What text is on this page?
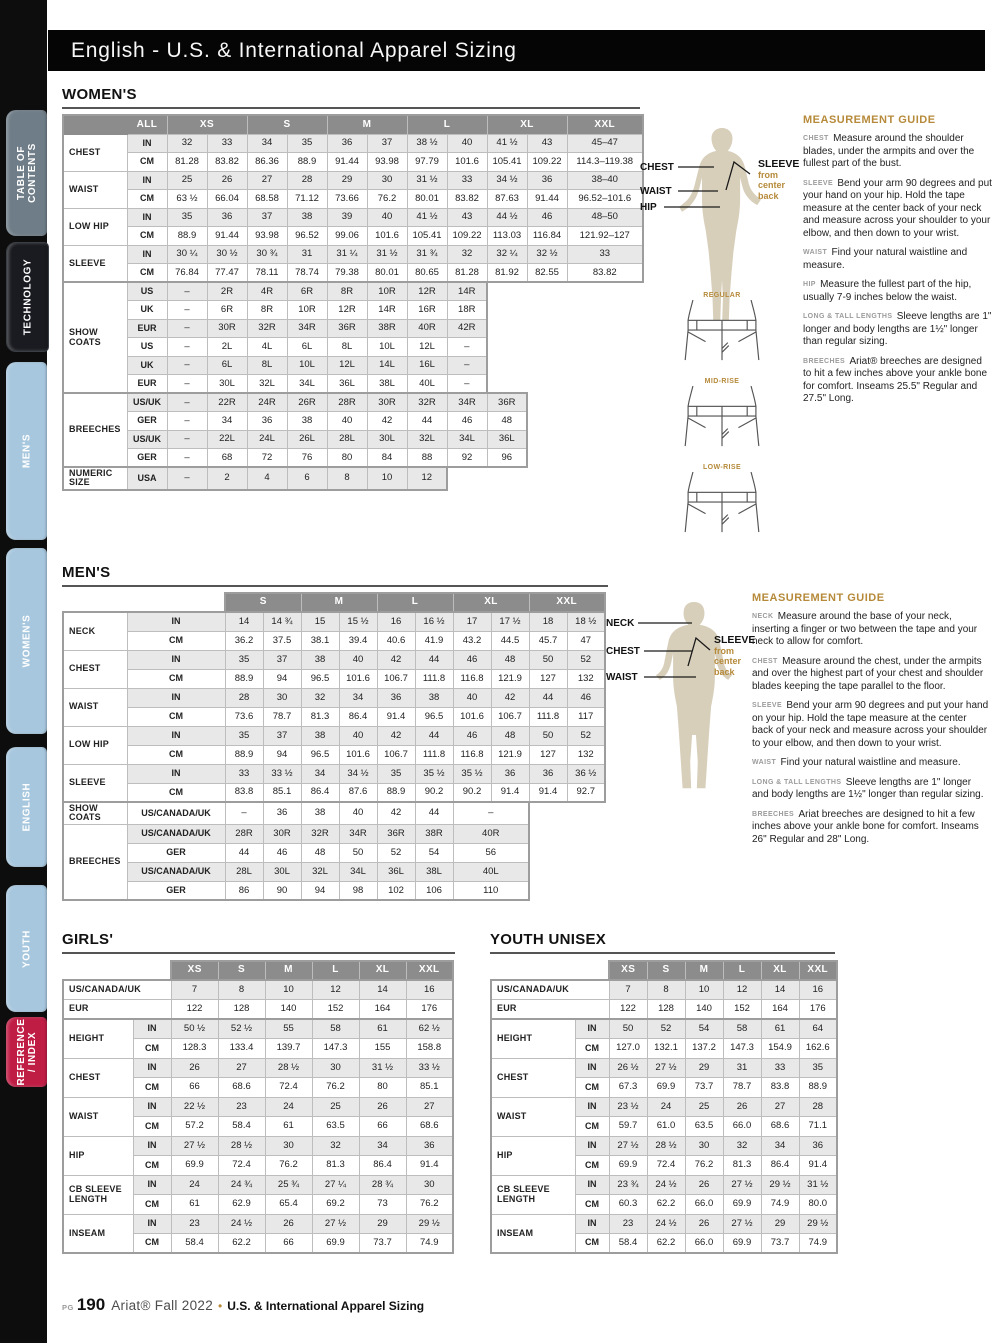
TABLE OF CONTENTS
TECHNOLOGY
MEN'S
WOMEN'S
ENGLISH
YOUTH
REFERENCE / INDEX
English - U.S. & International Apparel Sizing
WOMEN'S
	ALL	XS		S		M		L		XL		XXL
CHEST	IN	32	33	34	35	36	37	38 ½	40	41 ½	43	45–47
	CM	81.28	83.82	86.36	88.9	91.44	93.98	97.79	101.6	105.41	109.22	114.3–119.38
WAIST	IN	25	26	27	28	29	30	31 ½	33	34 ½	36	38–40
	CM	63 ½	66.04	68.58	71.12	73.66	76.2	80.01	83.82	87.63	91.44	96.52–101.6
LOW HIP	IN	35	36	37	38	39	40	41 ½	43	44 ½	46	48–50
	CM	88.9	91.44	93.98	96.52	99.06	101.6	105.41	109.22	113.03	116.84	121.92–127
SLEEVE	IN	30 ¼	30 ½	30 ¾	31	31 ¼	31 ½	31 ¾	32	32 ¼	32 ½	33
	CM	76.84	77.47	78.11	78.74	79.38	80.01	80.65	81.28	81.92	82.55	83.82
SHOW COATS	US	–	2R	4R	6R	8R	10R	12R	14R
	UK	–	6R	8R	10R	12R	14R	16R	18R
	EUR	–	30R	32R	34R	36R	38R	40R	42R
	US	–	2L	4L	6L	8L	10L	12L	–
	UK	–	6L	8L	10L	12L	14L	16L	–
	EUR	–	30L	32L	34L	36L	38L	40L	–
BREECHES	US/UK	–	22R	24R	26R	28R	30R	32R	34R	36R
	GER	–	34	36	38	40	42	44	46	48
	US/UK	–	22L	24L	26L	28L	30L	32L	34L	36L
	GER	–	68	72	76	80	84	88	92	96
NUMERIC SIZE	USA	–	2	4	6	8	10	12
CHEST
WAIST
HIP
SLEEVE
from center back
REGULAR
MID-RISE
LOW-RISE
MEASUREMENT GUIDE

CHEST Measure around the shoulder blades, under the armpits and over the fullest part of the bust.

SLEEVE Bend your arm 90 degrees and put your hand on your hip. Hold the tape measure at the center back of your neck and measure across your shoulder to your elbow, and then down to your wrist.

WAIST Find your natural waistline and measure.

HIP Measure the fullest part of the hip, usually 7-9 inches below the waist.

LONG & TALL LENGTHS Sleeve lengths are 1" longer and body lengths are 1½" longer than regular sizing.

BREECHES Ariat® breeches are designed to hit a few inches above your ankle bone for comfort. Inseams 25.5" Regular and 27.5" Long.

MEN'S
S	M	L	XL	XXL
NECK	IN	14	14 ¾	15	15 ½	16	16 ½	17	17 ½	18	18 ½
	CM	36.2	37.5	38.1	39.4	40.6	41.9	43.2	44.5	45.7	47
CHEST	IN	35	37	38	40	42	44	46	48	50	52
	CM	88.9	94	96.5	101.6	106.7	111.8	116.8	121.9	127	132
WAIST	IN	28	30	32	34	36	38	40	42	44	46
	CM	73.6	78.7	81.3	86.4	91.4	96.5	101.6	106.7	111.8	117
LOW HIP	IN	35	37	38	40	42	44	46	48	50	52
	CM	88.9	94	96.5	101.6	106.7	111.8	116.8	121.9	127	132
SLEEVE	IN	33	33 ½	34	34 ½	35	35 ½	35 ½	36	36	36 ½
	CM	83.8	85.1	86.4	87.6	88.9	90.2	90.2	91.4	91.4	92.7
SHOW COATS	US/CANADA/UK	–	36	38	40	42	44	–
BREECHES	US/CANADA/UK	28R	30R	32R	34R	36R	38R	40R
	GER	44	46	48	50	52	54	56
	US/CANADA/UK	28L	30L	32L	34L	36L	38L	40L
	GER	86	90	94	98	102	106	110
NECK
CHEST
WAIST
SLEEVE
from center back
MEASUREMENT GUIDE

NECK Measure around the base of your neck, inserting a finger or two between the tape and your neck to allow for comfort.

CHEST Measure around the chest, under the armpits and over the highest part of your chest and shoulder blades keeping the tape parallel to the floor.

SLEEVE Bend your arm 90 degrees and put your hand on your hip. Hold the tape measure at the center back of your neck and measure across your shoulder to your elbow, and then down to your wrist.

WAIST Find your natural waistline and measure.

LONG & TALL LENGTHS Sleeve lengths are 1" longer and body lengths are 1½" longer than regular sizing.

BREECHES Ariat breeches are designed to hit a few inches above your ankle bone for comfort. Inseams 26" Regular and 28" Long.

GIRLS'
XS	S	M	L	XL	XXL
US/CANADA/UK	7	8	10	12	14	16
EUR	122	128	140	152	164	176
HEIGHT	IN	50 ½	52 ½	55	58	61	62 ½
	CM	128.3	133.4	139.7	147.3	155	158.8
CHEST	IN	26	27	28 ½	30	31 ½	33 ½
	CM	66	68.6	72.4	76.2	80	85.1
WAIST	IN	22 ½	23	24	25	26	27
	CM	57.2	58.4	61	63.5	66	68.6
HIP	IN	27 ½	28 ½	30	32	34	36
	CM	69.9	72.4	76.2	81.3	86.4	91.4
CB SLEEVE LENGTH	IN	24	24 ¾	25 ¾	27 ¼	28 ¾	30
	CM	61	62.9	65.4	69.2	73	76.2
INSEAM	IN	23	24 ½	26	27 ½	29	29 ½
	CM	58.4	62.2	66	69.9	73.7	74.9
YOUTH UNISEX
XS	S	M	L	XL	XXL
US/CANADA/UK	7	8	10	12	14	16
EUR	122	128	140	152	164	176
HEIGHT	IN	50	52	54	58	61	64
	CM	127.0	132.1	137.2	147.3	154.9	162.6
CHEST	IN	26 ½	27 ½	29	31	33	35
	CM	67.3	69.9	73.7	78.7	83.8	88.9
WAIST	IN	23 ½	24	25	26	27	28
	CM	59.7	61.0	63.5	66.0	68.6	71.1
HIP	IN	27 ½	28 ½	30	32	34	36
	CM	69.9	72.4	76.2	81.3	86.4	91.4
CB SLEEVE LENGTH	IN	23 ¾	24 ½	26	27 ½	29 ½	31 ½
	CM	60.3	62.2	66.0	69.9	74.9	80.0
INSEAM	IN	23	24 ½	26	27 ½	29	29 ½
	CM	58.4	62.2	66.0	69.9	73.7	74.9
PG 190 Ariat® Fall 2022 • U.S. & International Apparel Sizing
